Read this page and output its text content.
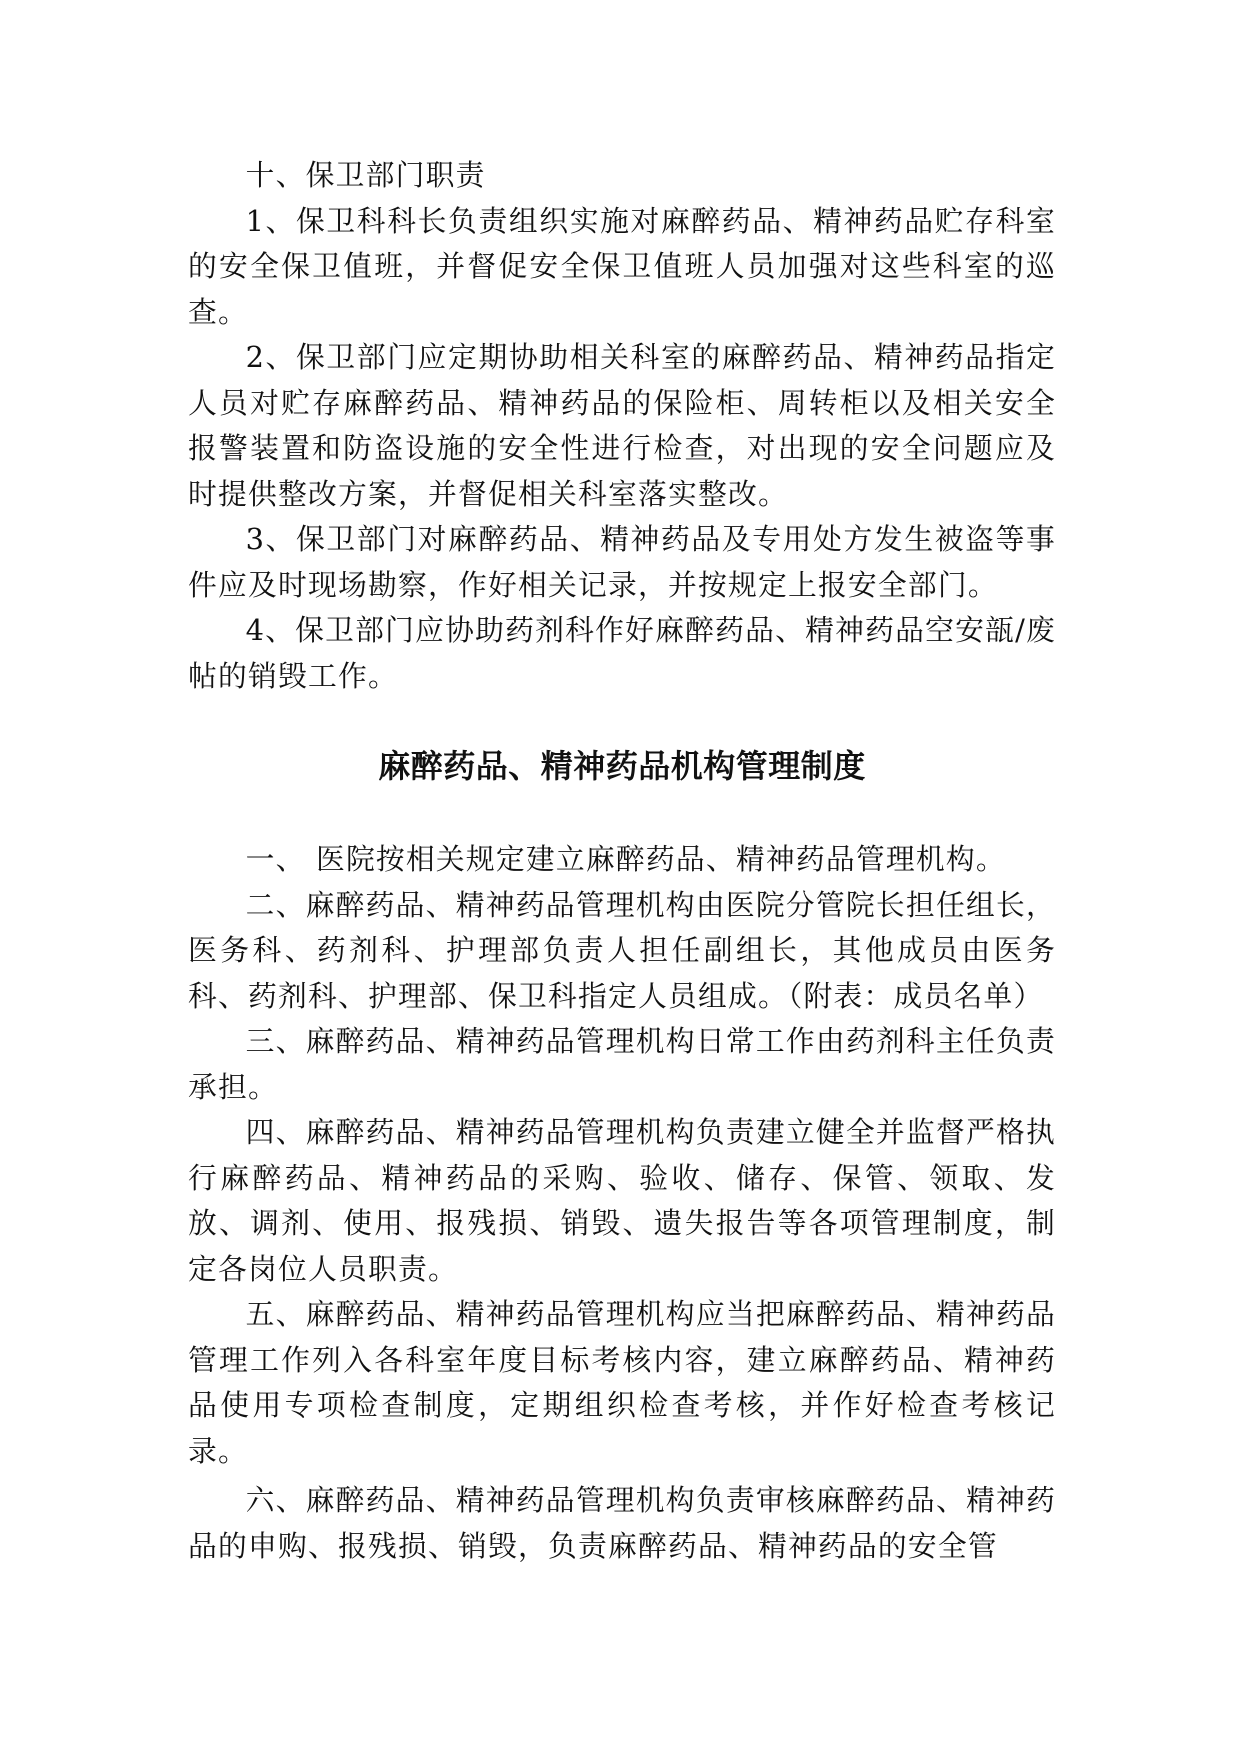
十、保卫部门职责

1、保卫科科长负责组织实施对麻醉药品、精神药品贮存科室的安全保卫值班，并督促安全保卫值班人员加强对这些科室的巡查。

2、保卫部门应定期协助相关科室的麻醉药品、精神药品指定人员对贮存麻醉药品、精神药品的保险柜、周转柜以及相关安全报警装置和防盗设施的安全性进行检查，对出现的安全问题应及时提供整改方案，并督促相关科室落实整改。

3、保卫部门对麻醉药品、精神药品及专用处方发生被盗等事件应及时现场勘察，作好相关记录，并按规定上报安全部门。

4、保卫部门应协助药剂科作好麻醉药品、精神药品空安瓿/废帖的销毁工作。

麻醉药品、精神药品机构管理制度

一、 医院按相关规定建立麻醉药品、精神药品管理机构。

二、麻醉药品、精神药品管理机构由医院分管院长担任组长，医务科、药剂科、护理部负责人担任副组长，其他成员由医务科、药剂科、护理部、保卫科指定人员组成。（附表：成员名单）

三、麻醉药品、精神药品管理机构日常工作由药剂科主任负责承担。

四、麻醉药品、精神药品管理机构负责建立健全并监督严格执行麻醉药品、精神药品的采购、验收、储存、保管、领取、发放、调剂、使用、报残损、销毁、遗失报告等各项管理制度，制定各岗位人员职责。

五、麻醉药品、精神药品管理机构应当把麻醉药品、精神药品管理工作列入各科室年度目标考核内容，建立麻醉药品、精神药品使用专项检查制度，定期组织检查考核，并作好检查考核记录。

六、麻醉药品、精神药品管理机构负责审核麻醉药品、精神药品的申购、报残损、销毁，负责麻醉药品、精神药品的安全管
